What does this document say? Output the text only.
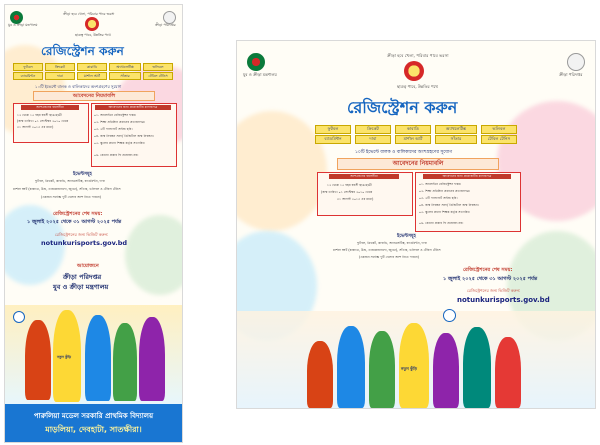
যুব ও ক্রীড়া মন্ত্রণালয়
ক্রীড়া হবে খেলা, পরিবার পাবে ভরসা
ছাত্রত্ব পাবে, উন্নতির পথে
ক্রীড়া পরিদপ্তর
রেজিস্ট্রেশন করুন
ফুটবল	ক্রিকেট	কাবাডি	অ্যাথলেটিক্স	ভলিবল
ব্যাডমিন্টন	দাবা	মার্শাল আর্ট	সাঁতার	টেবিল টেনিস
১০টি ইভেন্টে বালক ও বালিকাদের অংশগ্রহণের সুযোগ
আবেদনের নিয়মাবলি
অংশগ্রহণের বয়সসীমা
১২ থেকে ১৫ বছর বয়সী ছাত্র-ছাত্রী
(জন্ম তারিখ: ০১ সেপ্টেম্বর ২০১০ থেকে
৩১ আগস্ট ২০১৩ এর মধ্যে)
আবেদনের জন্য প্রয়োজনীয় কাগজপত্র
০১. অনলাইনে রেজিস্ট্রেশন ফরম।
০২. শিক্ষা প্রতিষ্ঠান প্রধানের প্রত্যয়নপত্র।
০৩. ২টি পাসপোর্ট সাইজ ছবি।
০৪. জন্ম নিবন্ধন সনদ/ ডিজিটাল জন্ম নিবন্ধন।
০৫. স্কুলের প্রধান শিক্ষক কর্তৃক সত্যায়িত
০৬. কোনো প্রকার ফি প্রযোজ্য নয়।
ইভেন্টসমূহ
ফুটবল, ক্রিকেট, কাবাডি, অ্যাথলেটিক্স, ব্যাডমিন্টন, দাবা
মার্শাল আর্ট (কারাতে, উশু, তায়কোয়ানদো, জুডো), সাঁতার, ভলিবল ও টেবিল টেনিস
(একজন সর্বোচ্চ দুটি খেলায় অংশ নিতে পারবে)
রেজিস্ট্রেশনের শেষ সময়:
১ জুলাই ২০২৫ থেকে ৩১ আগস্ট ২০২৫ পর্যন্ত
রেজিস্ট্রেশনের জন্য ভিজিট করুন:
notunkurisports.gov.bd
আয়োজনে
ক্রীড়া পরিদপ্তর
যুব ও ক্রীড়া মন্ত্রণালয়
নতুন কুঁড়ি
পারুলিয়া মডেল সরকারি প্রাথমিক বিদ্যালয়
মাড়লিয়া, দেবহাটা, সাতক্ষীরা।
যুব ও ক্রীড়া মন্ত্রণালয়
ক্রীড়া হবে খেলা, পরিবার পাবে ভরসা
ছাত্রত্ব পাবে, উন্নতির পথে
ক্রীড়া পরিদপ্তর
রেজিস্ট্রেশন করুন
ফুটবল	ক্রিকেট	কাবাডি	অ্যাথলেটিক্স	ভলিবল
ব্যাডমিন্টন	দাবা	মার্শাল আর্ট	সাঁতার	টেবিল টেনিস
১০টি ইভেন্টে বালক ও বালিকাদের অংশগ্রহণের সুযোগ
আবেদনের নিয়মাবলি
অংশগ্রহণের বয়সসীমা
১২ থেকে ১৫ বছর বয়সী ছাত্র-ছাত্রী
(জন্ম তারিখ: ০১ সেপ্টেম্বর ২০১০ থেকে
৩১ আগস্ট ২০১৩ এর মধ্যে)
আবেদনের জন্য প্রয়োজনীয় কাগজপত্র
০১. অনলাইনে রেজিস্ট্রেশন ফরম।
০২. শিক্ষা প্রতিষ্ঠান প্রধানের প্রত্যয়নপত্র।
০৩. ২টি পাসপোর্ট সাইজ ছবি।
০৪. জন্ম নিবন্ধন সনদ/ ডিজিটাল জন্ম নিবন্ধন।
০৫. স্কুলের প্রধান শিক্ষক কর্তৃক সত্যায়িত
০৬. কোনো প্রকার ফি প্রযোজ্য নয়।
ইভেন্টসমূহ
ফুটবল, ক্রিকেট, কাবাডি, অ্যাথলেটিক্স, ব্যাডমিন্টন, দাবা
মার্শাল আর্ট (কারাতে, উশু, তায়কোয়ানদো, জুডো), সাঁতার, ভলিবল ও টেবিল টেনিস
(একজন সর্বোচ্চ দুটি খেলায় অংশ নিতে পারবে)
রেজিস্ট্রেশনের শেষ সময়:
১ জুলাই ২০২৫ থেকে ৩১ আগস্ট ২০২৫ পর্যন্ত
রেজিস্ট্রেশনের জন্য ভিজিট করুন:
notunkurisports.gov.bd
নতুন কুঁড়ি
